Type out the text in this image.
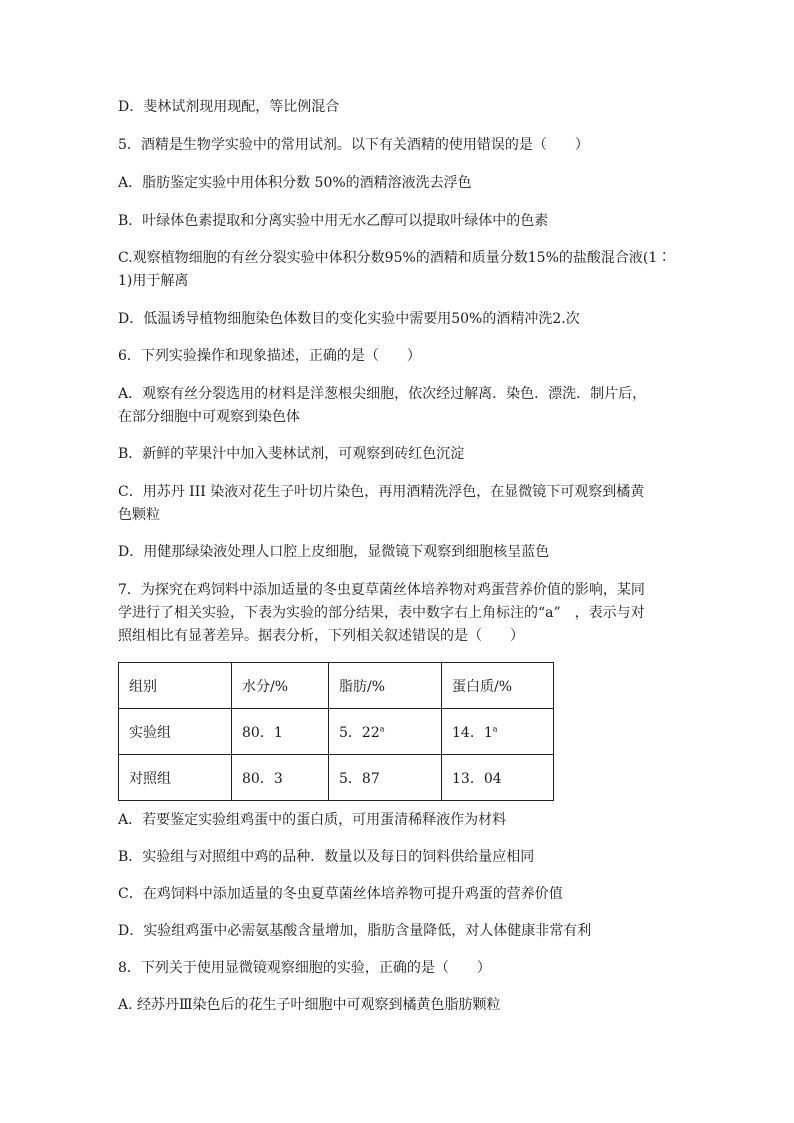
D．斐林试剂现用现配，等比例混合
5．酒精是生物学实验中的常用试剂。以下有关酒精的使用错误的是（　　）
A．脂肪鉴定实验中用体积分数 50%的酒精溶液洗去浮色
B．叶绿体色素提取和分离实验中用无水乙醇可以提取叶绿体中的色素
C.观察植物细胞的有丝分裂实验中体积分数95%的酒精和质量分数15%的盐酸混合液(1∶
1)用于解离
D．低温诱导植物细胞染色体数目的变化实验中需要用50%的酒精冲洗2.次
6．下列实验操作和现象描述，正确的是（　　）
A．观察有丝分裂选用的材料是洋葱根尖细胞，依次经过解离．染色．漂洗．制片后，
在部分细胞中可观察到染色体
B．新鲜的苹果汁中加入斐林试剂，可观察到砖红色沉淀
C．用苏丹 III 染液对花生子叶切片染色，再用酒精洗浮色，在显微镜下可观察到橘黄
色颗粒
D．用健那绿染液处理人口腔上皮细胞，显微镜下观察到细胞核呈蓝色
7．为探究在鸡饲料中添加适量的冬虫夏草菌丝体培养物对鸡蛋营养价值的影响，某同
学进行了相关实验，下表为实验的部分结果，表中数字右上角标注的“a”　，表示与对
照组相比有显著差异。据表分析，下列相关叙述错误的是（　　）
组别	水分/%	脂肪/%	蛋白质/%
实验组	80．1	5．22$^a$	14．1$^a$
对照组	80．3	5．87	13．04
A．若要鉴定实验组鸡蛋中的蛋白质，可用蛋清稀释液作为材料
B．实验组与对照组中鸡的品种．数量以及每日的饲料供给量应相同
C．在鸡饲料中添加适量的冬虫夏草菌丝体培养物可提升鸡蛋的营养价值
D．实验组鸡蛋中必需氨基酸含量增加，脂肪含量降低，对人体健康非常有利
8．下列关于使用显微镜观察细胞的实验，正确的是（　　）
A. 经苏丹Ⅲ染色后的花生子叶细胞中可观察到橘黄色脂肪颗粒
